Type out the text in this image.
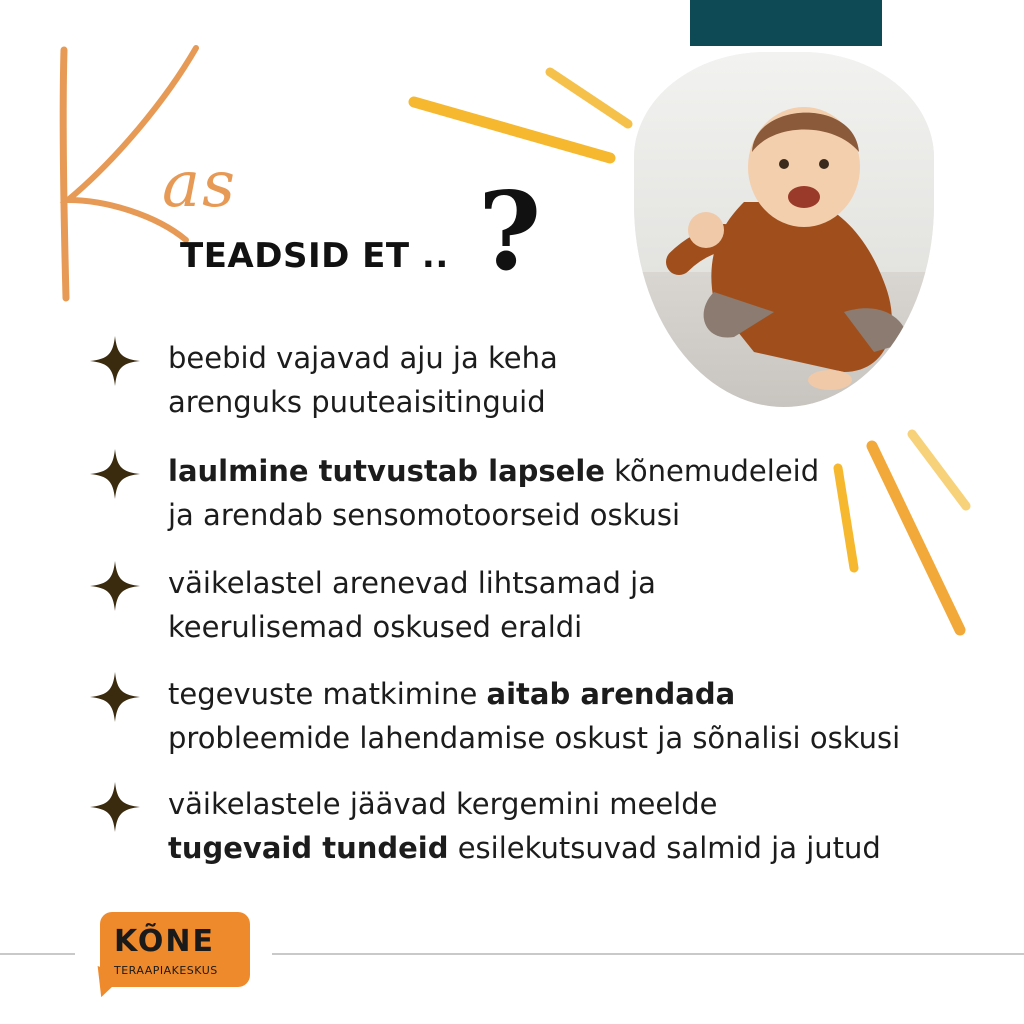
as
TEADSID ET .. ?
beebid vajavad aju ja keha
arenguks puuteaisitinguid
laulmine tutvustab lapsele kõnemudeleid
ja arendab sensomotoorseid oskusi
väikelastel arenevad lihtsamad ja
keerulisemad oskused eraldi
tegevuste matkimine aitab arendada
probleemide lahendamise oskust ja sõnalisi oskusi
väikelastele jäävad kergemini meelde
tugevaid tundeid esilekutsuvad salmid ja jutud
KÕNE
TERAAPIAKESKUS
